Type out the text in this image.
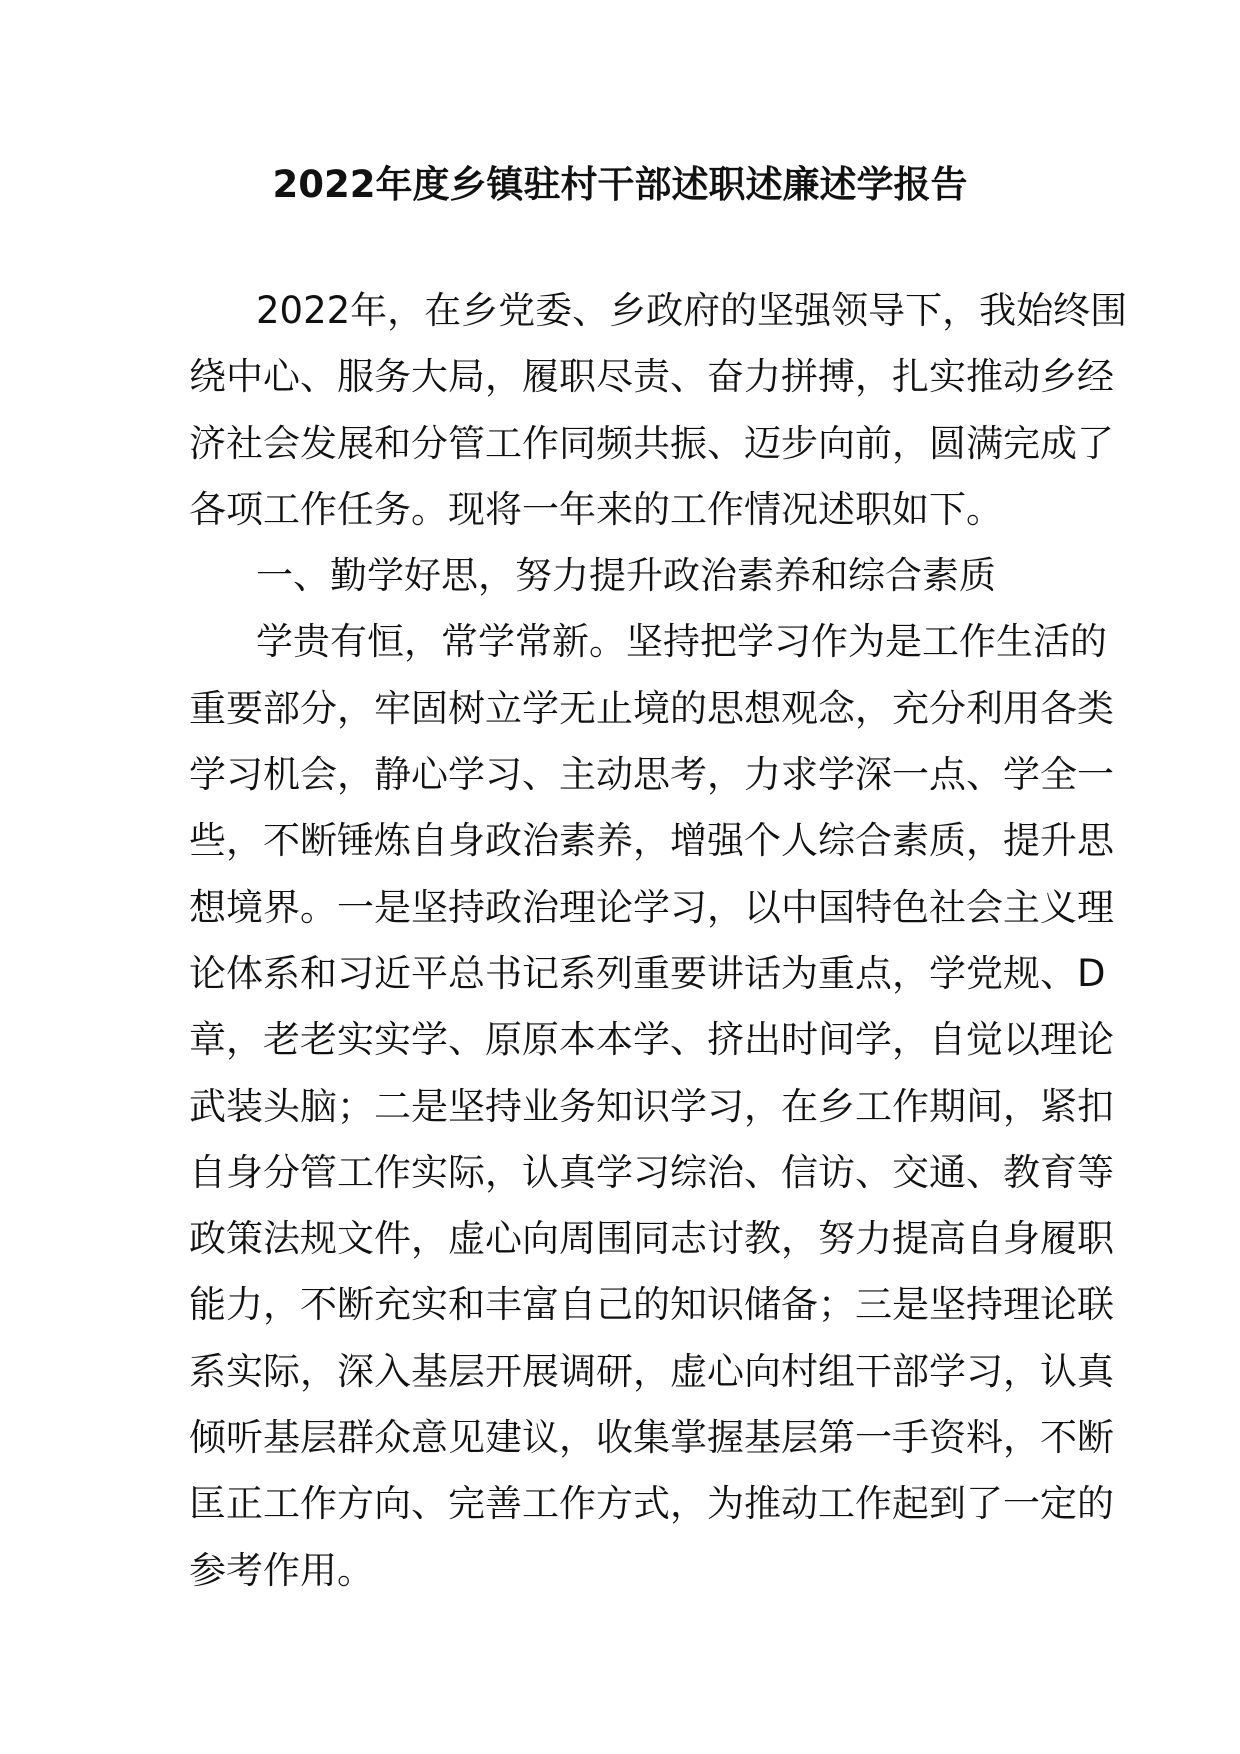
2022年度乡镇驻村干部述职述廉述学报告
2022年，在乡党委、乡政府的坚强领导下，我始终围
绕中心、服务大局，履职尽责、奋力拼搏，扎实推动乡经
济社会发展和分管工作同频共振、迈步向前，圆满完成了
各项工作任务。现将一年来的工作情况述职如下。
一、勤学好思，努力提升政治素养和综合素质
学贵有恒，常学常新。坚持把学习作为是工作生活的
重要部分，牢固树立学无止境的思想观念，充分利用各类
学习机会，静心学习、主动思考，力求学深一点、学全一
些，不断锤炼自身政治素养，增强个人综合素质，提升思
想境界。一是坚持政治理论学习，以中国特色社会主义理
论体系和习近平总书记系列重要讲话为重点，学党规、D
章，老老实实学、原原本本学、挤出时间学，自觉以理论
武装头脑；二是坚持业务知识学习，在乡工作期间，紧扣
自身分管工作实际，认真学习综治、信访、交通、教育等
政策法规文件，虚心向周围同志讨教，努力提高自身履职
能力，不断充实和丰富自己的知识储备；三是坚持理论联
系实际，深入基层开展调研，虚心向村组干部学习，认真
倾听基层群众意见建议，收集掌握基层第一手资料，不断
匡正工作方向、完善工作方式，为推动工作起到了一定的
参考作用。
